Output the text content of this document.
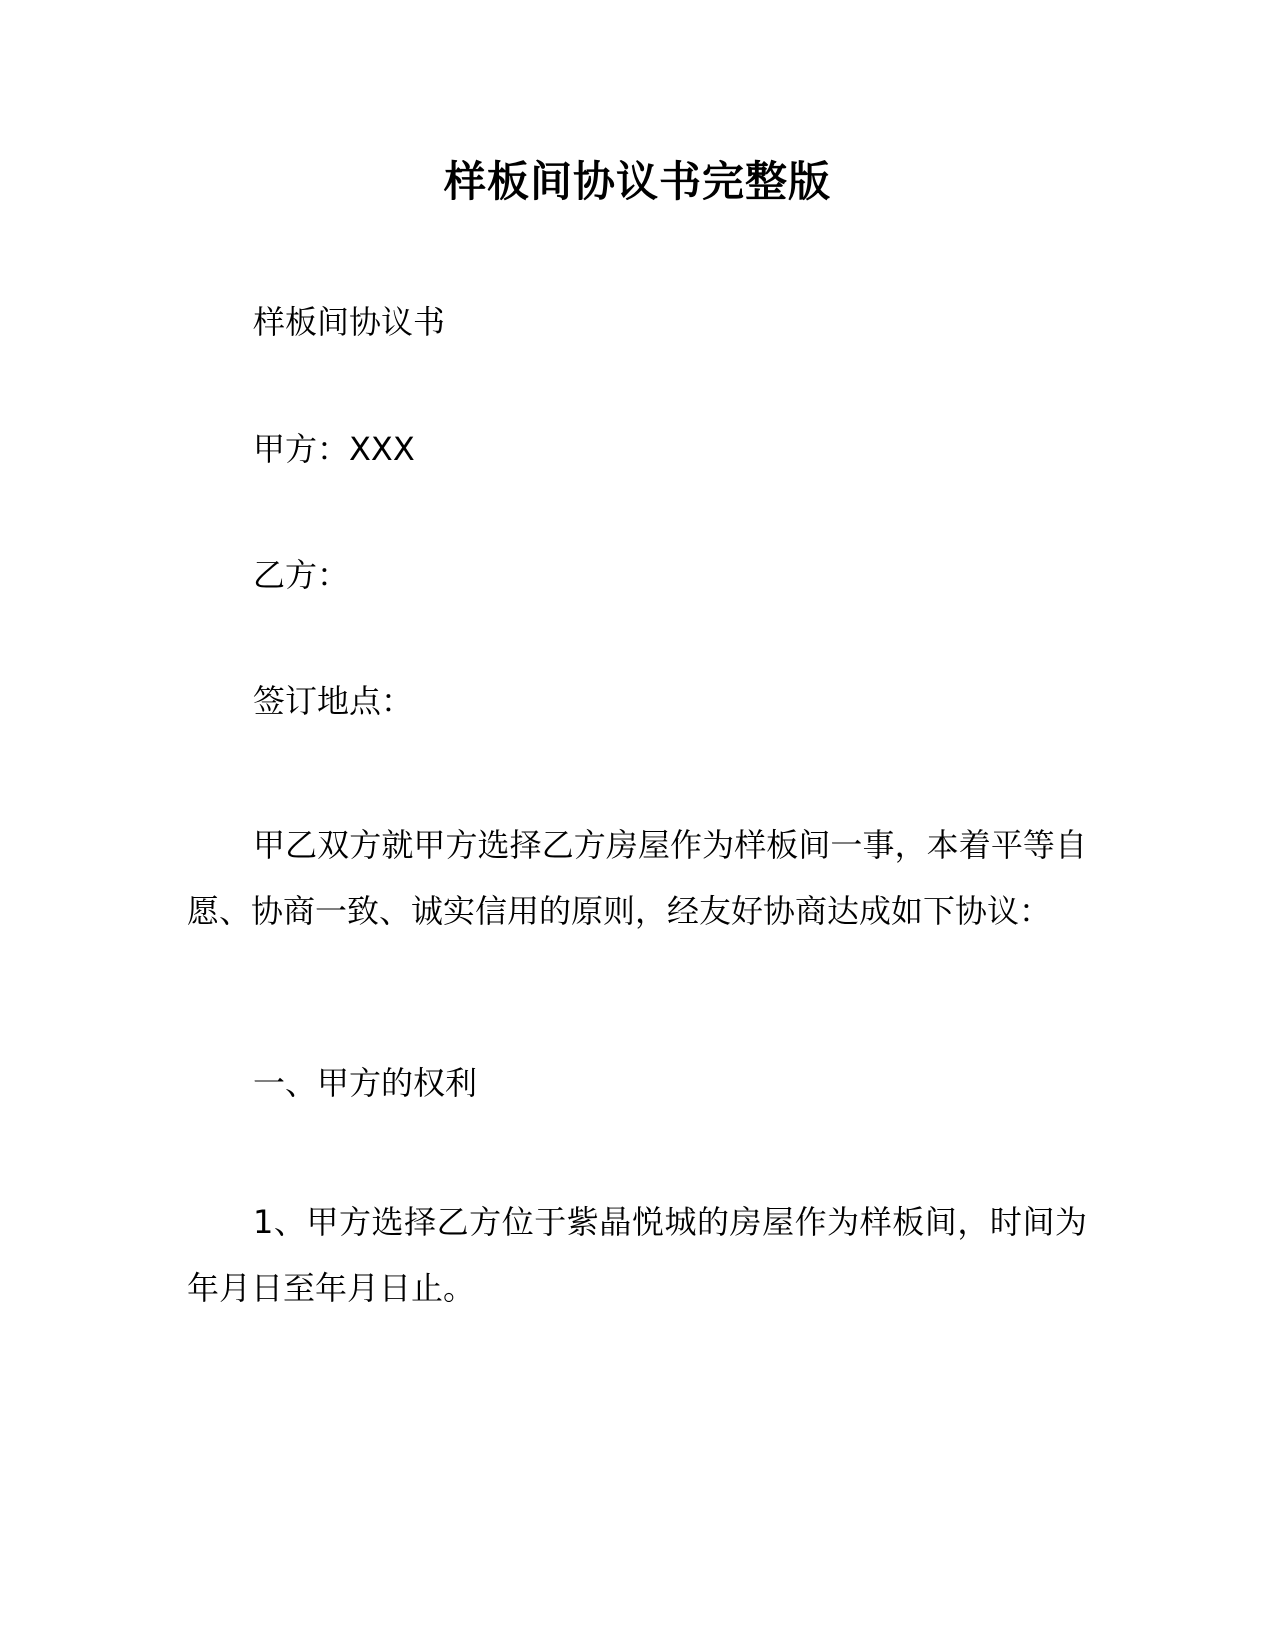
样板间协议书完整版
样板间协议书
甲方：XXX
乙方：
签订地点：
甲乙双方就甲方选择乙方房屋作为样板间一事，本着平等自愿、协商一致、诚实信用的原则，经友好协商达成如下协议：
一、甲方的权利
1、甲方选择乙方位于紫晶悦城的房屋作为样板间，时间为年月日至年月日止。
